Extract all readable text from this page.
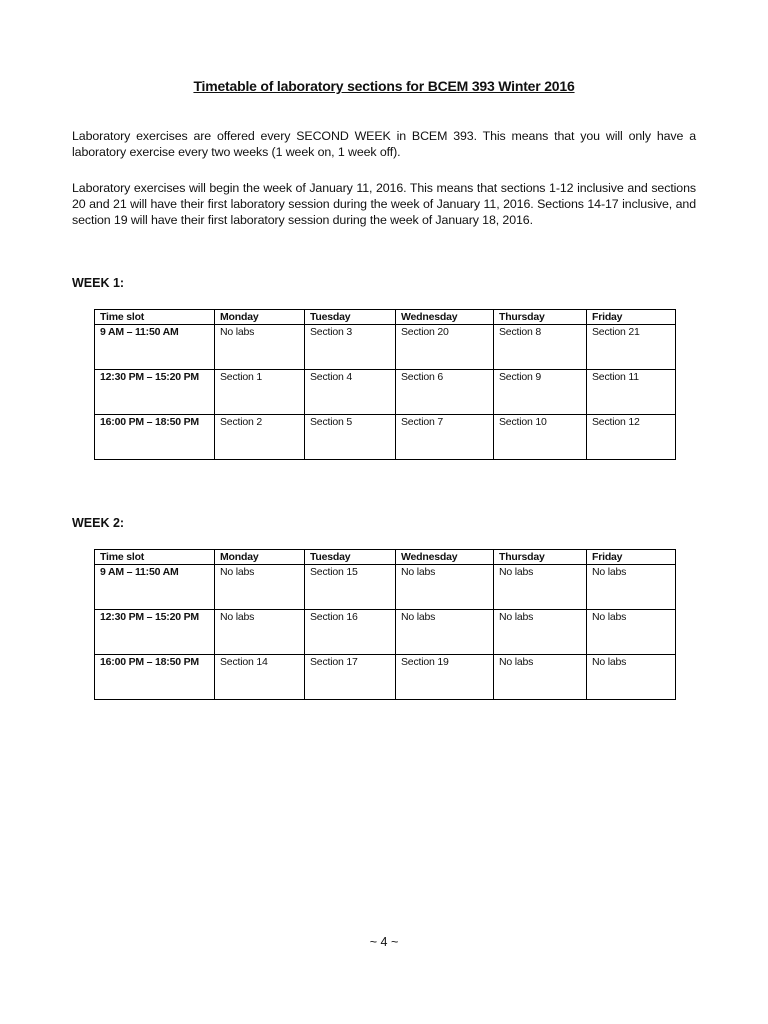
Timetable of laboratory sections for BCEM 393 Winter 2016

Laboratory exercises are offered every SECOND WEEK in BCEM 393. This means that you will only have a laboratory exercise every two weeks (1 week on, 1 week off).

Laboratory exercises will begin the week of January 11, 2016. This means that sections 1-12 inclusive and sections 20 and 21 will have their first laboratory session during the week of January 11, 2016. Sections 14-17 inclusive, and section 19 will have their first laboratory session during the week of January 18, 2016.

WEEK 1:
Time slot	Monday	Tuesday	Wednesday	Thursday	Friday
9 AM – 11:50 AM	No labs	Section 3	Section 20	Section 8	Section 21
12:30 PM – 15:20 PM	Section 1	Section 4	Section 6	Section 9	Section 11
16:00 PM – 18:50 PM	Section 2	Section 5	Section 7	Section 10	Section 12
WEEK 2:
Time slot	Monday	Tuesday	Wednesday	Thursday	Friday
9 AM – 11:50 AM	No labs	Section 15	No labs	No labs	No labs
12:30 PM – 15:20 PM	No labs	Section 16	No labs	No labs	No labs
16:00 PM – 18:50 PM	Section 14	Section 17	Section 19	No labs	No labs
~ 4 ~
